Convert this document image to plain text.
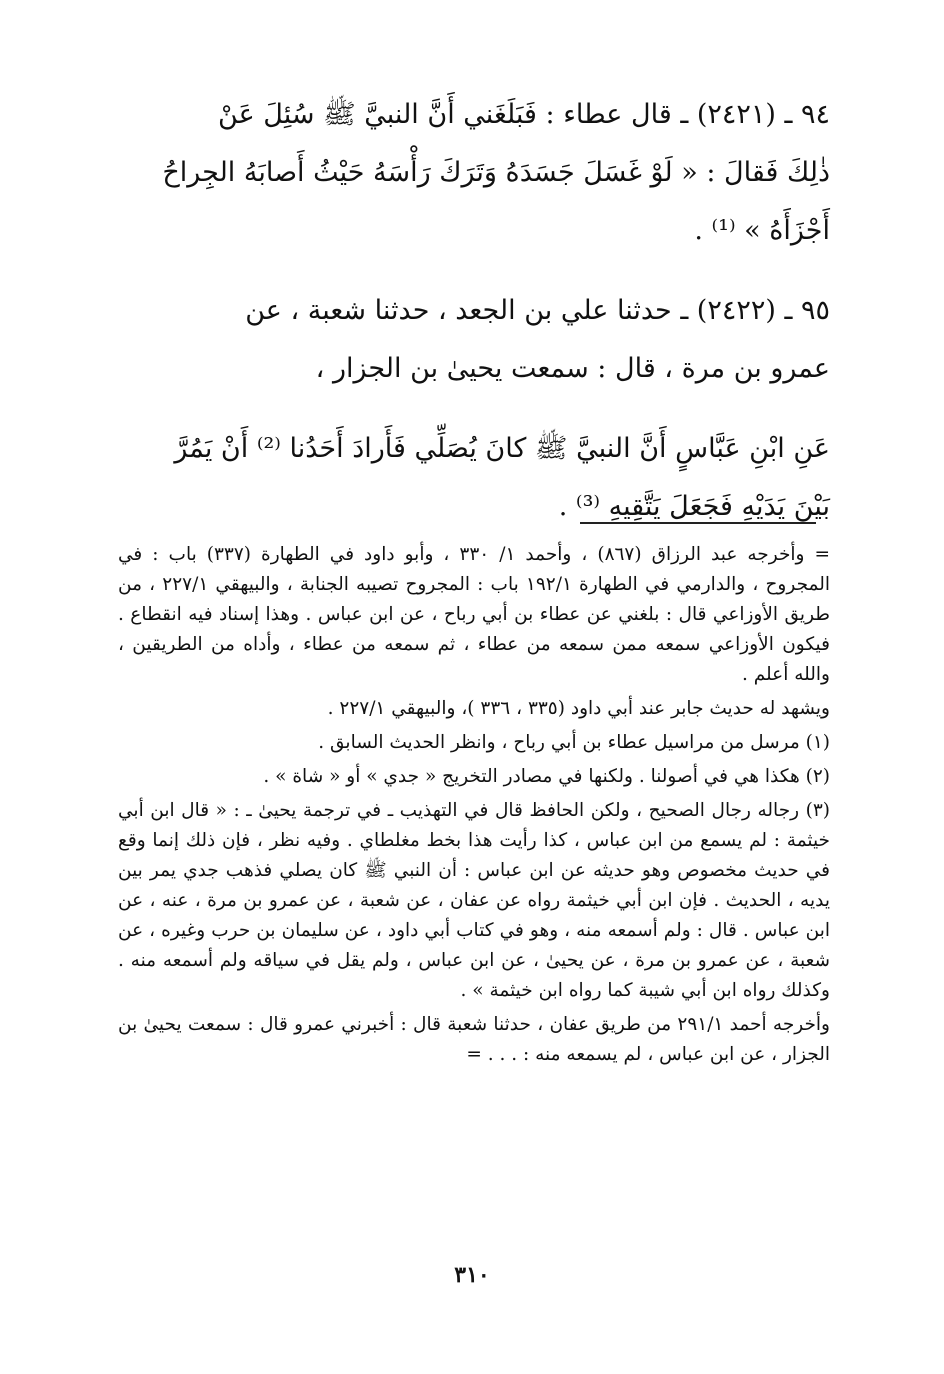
٩٤ ـ (٢٤٢١) ـ قال عطاء : فَبَلَغَني أَنَّ النبيَّ ﷺ سُئِلَ عَنْ
ذٰلِكَ فَقالَ : « لَوْ غَسَلَ جَسَدَهُ وَتَرَكَ رَأْسَهُ حَيْثُ أَصابَهُ الجِراحُ
أَجْزَأَهُ » ⁽¹⁾ .

٩٥ ـ (٢٤٢٢) ـ حدثنا علي بن الجعد ، حدثنا شعبة ، عن
عمرو بن مرة ، قال : سمعت يحيىٰ بن الجزار ،

عَنِ ابْنِ عَبَّاسٍ أَنَّ النبيَّ ﷺ كانَ يُصَلِّي فَأَرادَ أَحَدُنا ⁽²⁾ أَنْ يَمُرَّ
بَيْنَ يَدَيْهِ فَجَعَلَ يَتَّقِيهِ ⁽³⁾ .

= وأخرجه عبد الرزاق (٨٦٧) ، وأحمد ١/ ٣٣٠ ، وأبو داود في الطهارة (٣٣٧) باب : في المجروح ، والدارمي في الطهارة ١٩٢/١ باب : المجروح تصيبه الجنابة ، والبيهقي ٢٢٧/١ ، من طريق الأوزاعي قال : بلغني عن عطاء بن أبي رباح ، عن ابن عباس . وهذا إسناد فيه انقطاع . فيكون الأوزاعي سمعه ممن سمعه من عطاء ، ثم سمعه من عطاء ، وأداه من الطريقين ، والله أعلم .

ويشهد له حديث جابر عند أبي داود (٣٣٥ ، ٣٣٦ )، والبيهقي ٢٢٧/١ .

(١) مرسل من مراسيل عطاء بن أبي رباح ، وانظر الحديث السابق .

(٢) هكذا هي في أصولنا . ولكنها في مصادر التخريج « جدي » أو « شاة » .

(٣) رجاله رجال الصحيح ، ولكن الحافظ قال في التهذيب ـ في ترجمة يحيىٰ ـ : « قال ابن أبي خيثمة : لم يسمع من ابن عباس ، كذا رأيت هذا بخط مغلطاي . وفيه نظر ، فإن ذلك إنما وقع في حديث مخصوص وهو حديثه عن ابن عباس : أن النبي ﷺ كان يصلي فذهب جدي يمر بين يديه ، الحديث . فإن ابن أبي خيثمة رواه عن عفان ، عن شعبة ، عن عمرو بن مرة ، عنه ، عن ابن عباس . قال : ولم أسمعه منه ، وهو في كتاب أبي داود ، عن سليمان بن حرب وغيره ، عن شعبة ، عن عمرو بن مرة ، عن يحيىٰ ، عن ابن عباس ، ولم يقل في سياقه ولم أسمعه منه . وكذلك رواه ابن أبي شيبة كما رواه ابن خيثمة » .

وأخرجه أحمد ٢٩١/١ من طريق عفان ، حدثنا شعبة قال : أخبرني عمرو قال : سمعت يحيىٰ بن الجزار ، عن ابن عباس ، لم يسمعه منه : . . . =

٣١٠
